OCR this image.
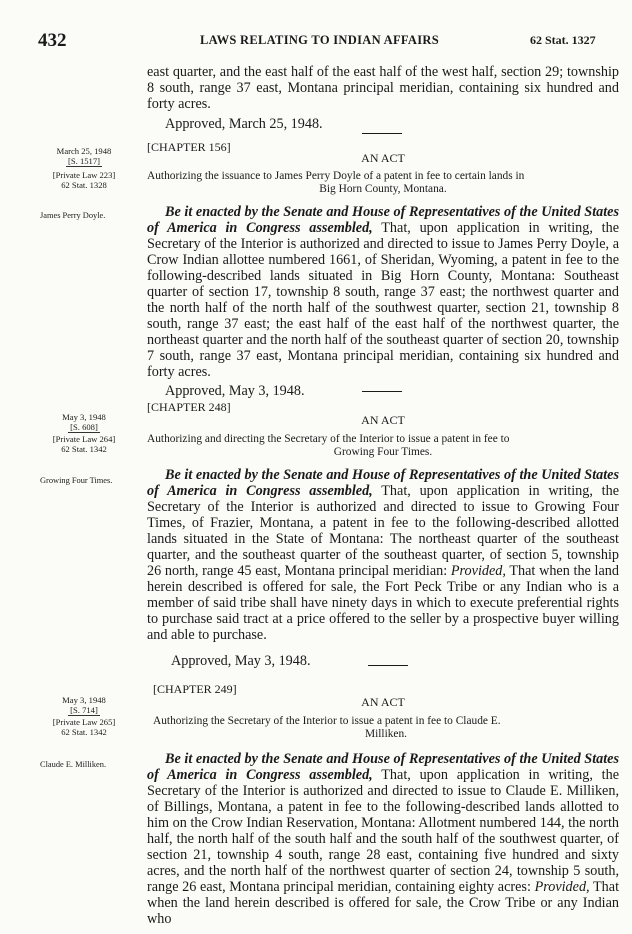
432	LAWS RELATING TO INDIAN AFFAIRS	62 Stat. 1327

east quarter, and the east half of the east half of the west half, section 29; township 8 south, range 37 east, Montana principal meridian, containing six hundred and forty acres.

Approved, March 25, 1948.

March 25, 1948
[S. 1517]
[Private Law 223]
62 Stat. 1328
James Perry Doyle.

[CHAPTER 156]

AN ACT

Authorizing the issuance to James Perry Doyle of a patent in fee to certain lands in
Big Horn County, Montana.

Be it enacted by the Senate and House of Representatives of the United States of America in Congress assembled, That, upon application in writing, the Secretary of the Interior is authorized and directed to issue to James Perry Doyle, a Crow Indian allottee numbered 1661, of Sheridan, Wyoming, a patent in fee to the following-described lands situated in Big Horn County, Montana: Southeast quarter of section 17, township 8 south, range 37 east; the northwest quarter and the north half of the north half of the southwest quarter, section 21, township 8 south, range 37 east; the east half of the east half of the northwest quarter, the northeast quarter and the north half of the southeast quarter of section 20, township 7 south, range 37 east, Montana principal meridian, containing six hundred and forty acres.

Approved, May 3, 1948.

May 3, 1948
[S. 608]
[Private Law 264]
62 Stat. 1342
Growing Four Times.

[CHAPTER 248]

AN ACT

Authorizing and directing the Secretary of the Interior to issue a patent in fee to
Growing Four Times.

Be it enacted by the Senate and House of Representatives of the United States of America in Congress assembled, That, upon application in writing, the Secretary of the Interior is authorized and directed to issue to Growing Four Times, of Frazier, Montana, a patent in fee to the following-described allotted lands situated in the State of Montana: The northeast quarter of the southeast quarter, and the southeast quarter of the southeast quarter, of section 5, township 26 north, range 45 east, Montana principal meridian: Provided, That when the land herein described is offered for sale, the Fort Peck Tribe or any Indian who is a member of said tribe shall have ninety days in which to execute preferential rights to purchase said tract at a price offered to the seller by a prospective buyer willing and able to purchase.

Approved, May 3, 1948.

May 3, 1948
[S. 714]
[Private Law 265]
62 Stat. 1342
Claude E. Milliken.

[CHAPTER 249]

AN ACT

Authorizing the Secretary of the Interior to issue a patent in fee to Claude E.
Milliken.

Be it enacted by the Senate and House of Representatives of the United States of America in Congress assembled, That, upon application in writing, the Secretary of the Interior is authorized and directed to issue to Claude E. Milliken, of Billings, Montana, a patent in fee to the following-described lands allotted to him on the Crow Indian Reservation, Montana: Allotment numbered 144, the north half, the north half of the south half and the south half of the southwest quarter, of section 21, township 4 south, range 28 east, containing five hundred and sixty acres, and the north half of the northwest quarter of section 24, township 5 south, range 26 east, Montana principal meridian, containing eighty acres: Provided, That when the land herein described is offered for sale, the Crow Tribe or any Indian who
